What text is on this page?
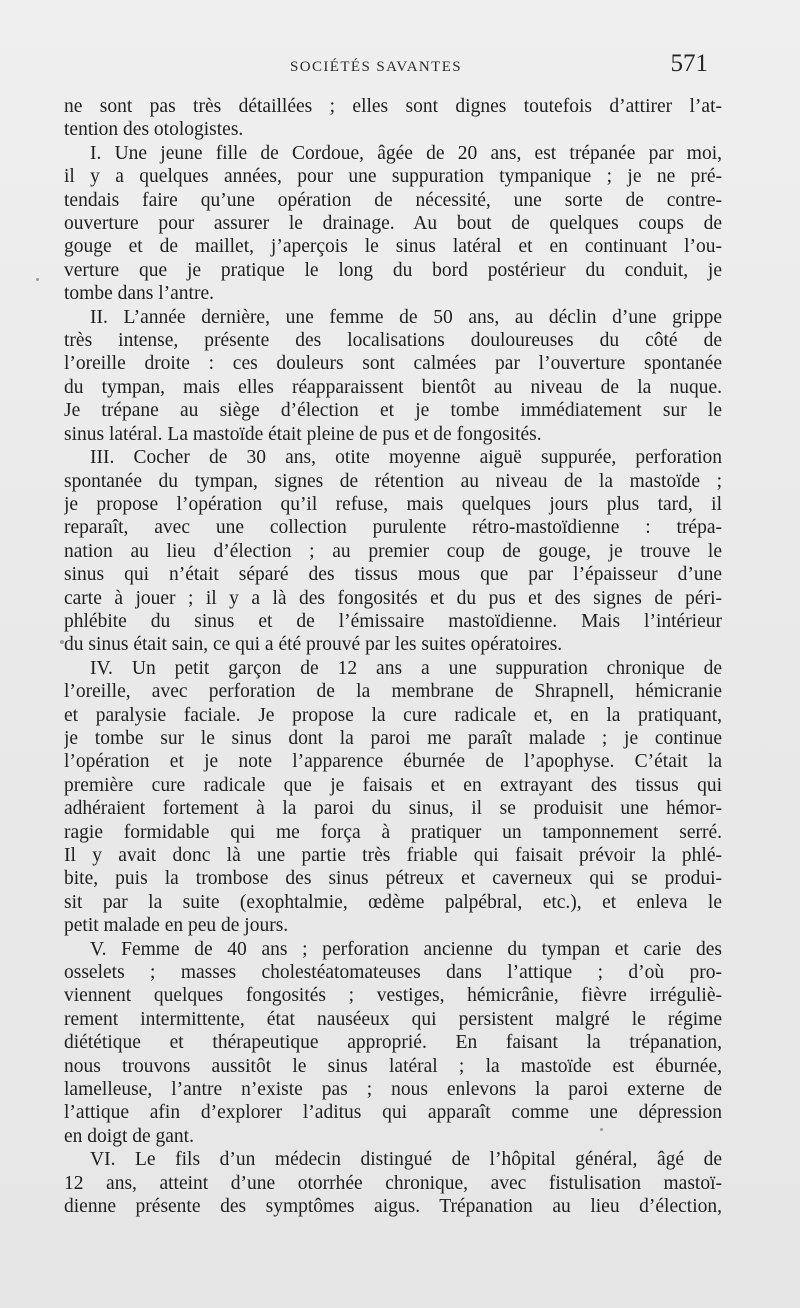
SOCIÉTÉS SAVANTES	571
ne sont pas très détaillées ; elles sont dignes toutefois d’attirer l’at-
tention des otologistes.
I. Une jeune fille de Cordoue, âgée de 20 ans, est trépanée par moi,
il y a quelques années, pour une suppuration tympanique ; je ne pré-
tendais faire qu’une opération de nécessité, une sorte de contre-
ouverture pour assurer le drainage. Au bout de quelques coups de
gouge et de maillet, j’aperçois le sinus latéral et en continuant l’ou-
verture que je pratique le long du bord postérieur du conduit, je
tombe dans l’antre.
II. L’année dernière, une femme de 50 ans, au déclin d’une grippe
très intense, présente des localisations douloureuses du côté de
l’oreille droite : ces douleurs sont calmées par l’ouverture spontanée
du tympan, mais elles réapparaissent bientôt au niveau de la nuque.
Je trépane au siège d’élection et je tombe immédiatement sur le
sinus latéral. La mastoïde était pleine de pus et de fongosités.
III. Cocher de 30 ans, otite moyenne aiguë suppurée, perforation
spontanée du tympan, signes de rétention au niveau de la mastoïde ;
je propose l’opération qu’il refuse, mais quelques jours plus tard, il
reparaît, avec une collection purulente rétro-mastoïdienne : trépa-
nation au lieu d’élection ; au premier coup de gouge, je trouve le
sinus qui n’était séparé des tissus mous que par l’épaisseur d’une
carte à jouer ; il y a là des fongosités et du pus et des signes de péri-
phlébite du sinus et de l’émissaire mastoïdienne. Mais l’intérieur
du sinus était sain, ce qui a été prouvé par les suites opératoires.
IV. Un petit garçon de 12 ans a une suppuration chronique de
l’oreille, avec perforation de la membrane de Shrapnell, hémicranie
et paralysie faciale. Je propose la cure radicale et, en la pratiquant,
je tombe sur le sinus dont la paroi me paraît malade ; je continue
l’opération et je note l’apparence éburnée de l’apophyse. C’était la
première cure radicale que je faisais et en extrayant des tissus qui
adhéraient fortement à la paroi du sinus, il se produisit une hémor-
ragie formidable qui me força à pratiquer un tamponnement serré.
Il y avait donc là une partie très friable qui faisait prévoir la phlé-
bite, puis la trombose des sinus pétreux et caverneux qui se produi-
sit par la suite (exophtalmie, œdème palpébral, etc.), et enleva le
petit malade en peu de jours.
V. Femme de 40 ans ; perforation ancienne du tympan et carie des
osselets ; masses cholestéatomateuses dans l’attique ; d’où pro-
viennent quelques fongosités ; vestiges, hémicrânie, fièvre irréguliè-
rement intermittente, état nauséeux qui persistent malgré le régime
diététique et thérapeutique approprié. En faisant la trépanation,
nous trouvons aussitôt le sinus latéral ; la mastoïde est éburnée,
lamelleuse, l’antre n’existe pas ; nous enlevons la paroi externe de
l’attique afin d’explorer l’aditus qui apparaît comme une dépression
en doigt de gant.
VI. Le fils d’un médecin distingué de l’hôpital général, âgé de
12 ans, atteint d’une otorrhée chronique, avec fistulisation mastoï-
dienne présente des symptômes aigus. Trépanation au lieu d’élection,
